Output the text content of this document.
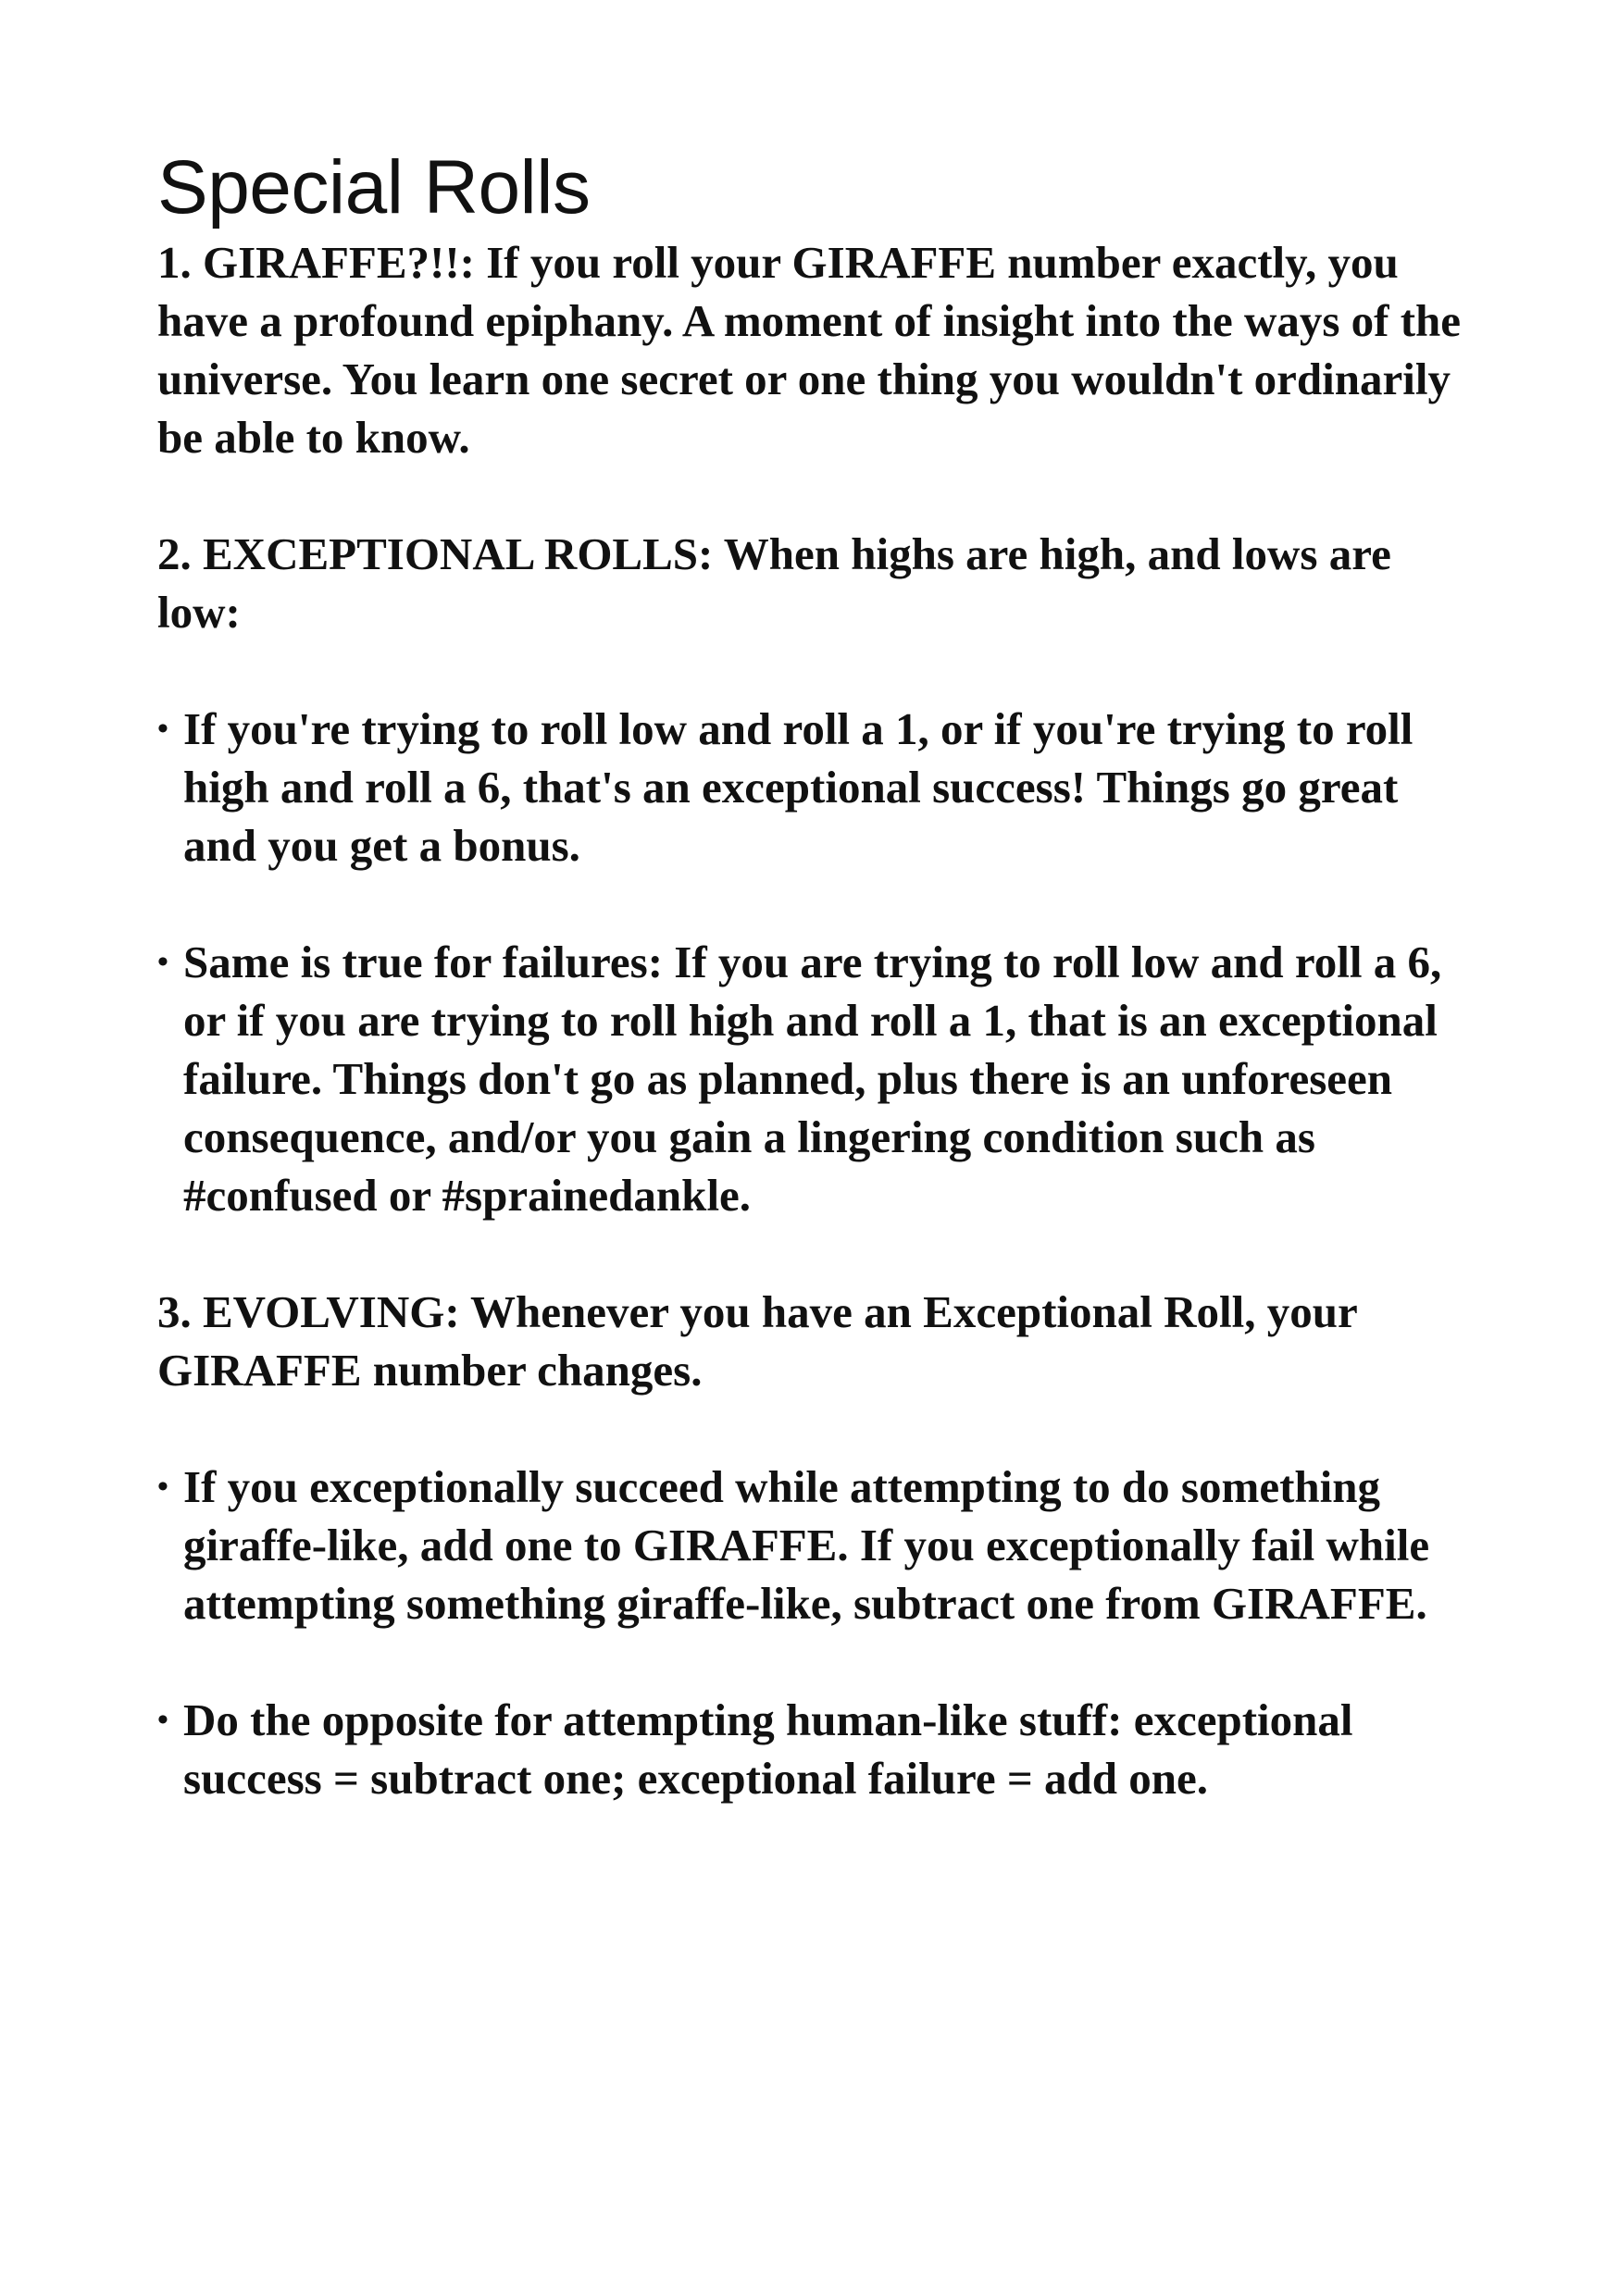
Special Rolls

1. GIRAFFE?!!: If you roll your GIRAFFE number exactly, you have a profound epiphany. A moment of insight into the ways of the universe. You learn one secret or one thing you wouldn't ordinarily be able to know.

2. EXCEPTIONAL ROLLS: When highs are high, and lows are low:

• If you're trying to roll low and roll a 1, or if you're trying to roll high and roll a 6, that's an exceptional success! Things go great and you get a bonus.
• Same is true for failures: If you are trying to roll low and roll a 6, or if you are trying to roll high and roll a 1, that is an exceptional failure. Things don't go as planned, plus there is an unforeseen consequence, and/or you gain a lingering condition such as #confused or #sprainedankle.

3. EVOLVING: Whenever you have an Exceptional Roll, your GIRAFFE number changes.

• If you exceptionally succeed while attempting to do something giraffe-like, add one to GIRAFFE. If you exceptionally fail while attempting something giraffe-like, subtract one from GIRAFFE.
• Do the opposite for attempting human-like stuff: exceptional success = subtract one; exceptional failure = add one.
